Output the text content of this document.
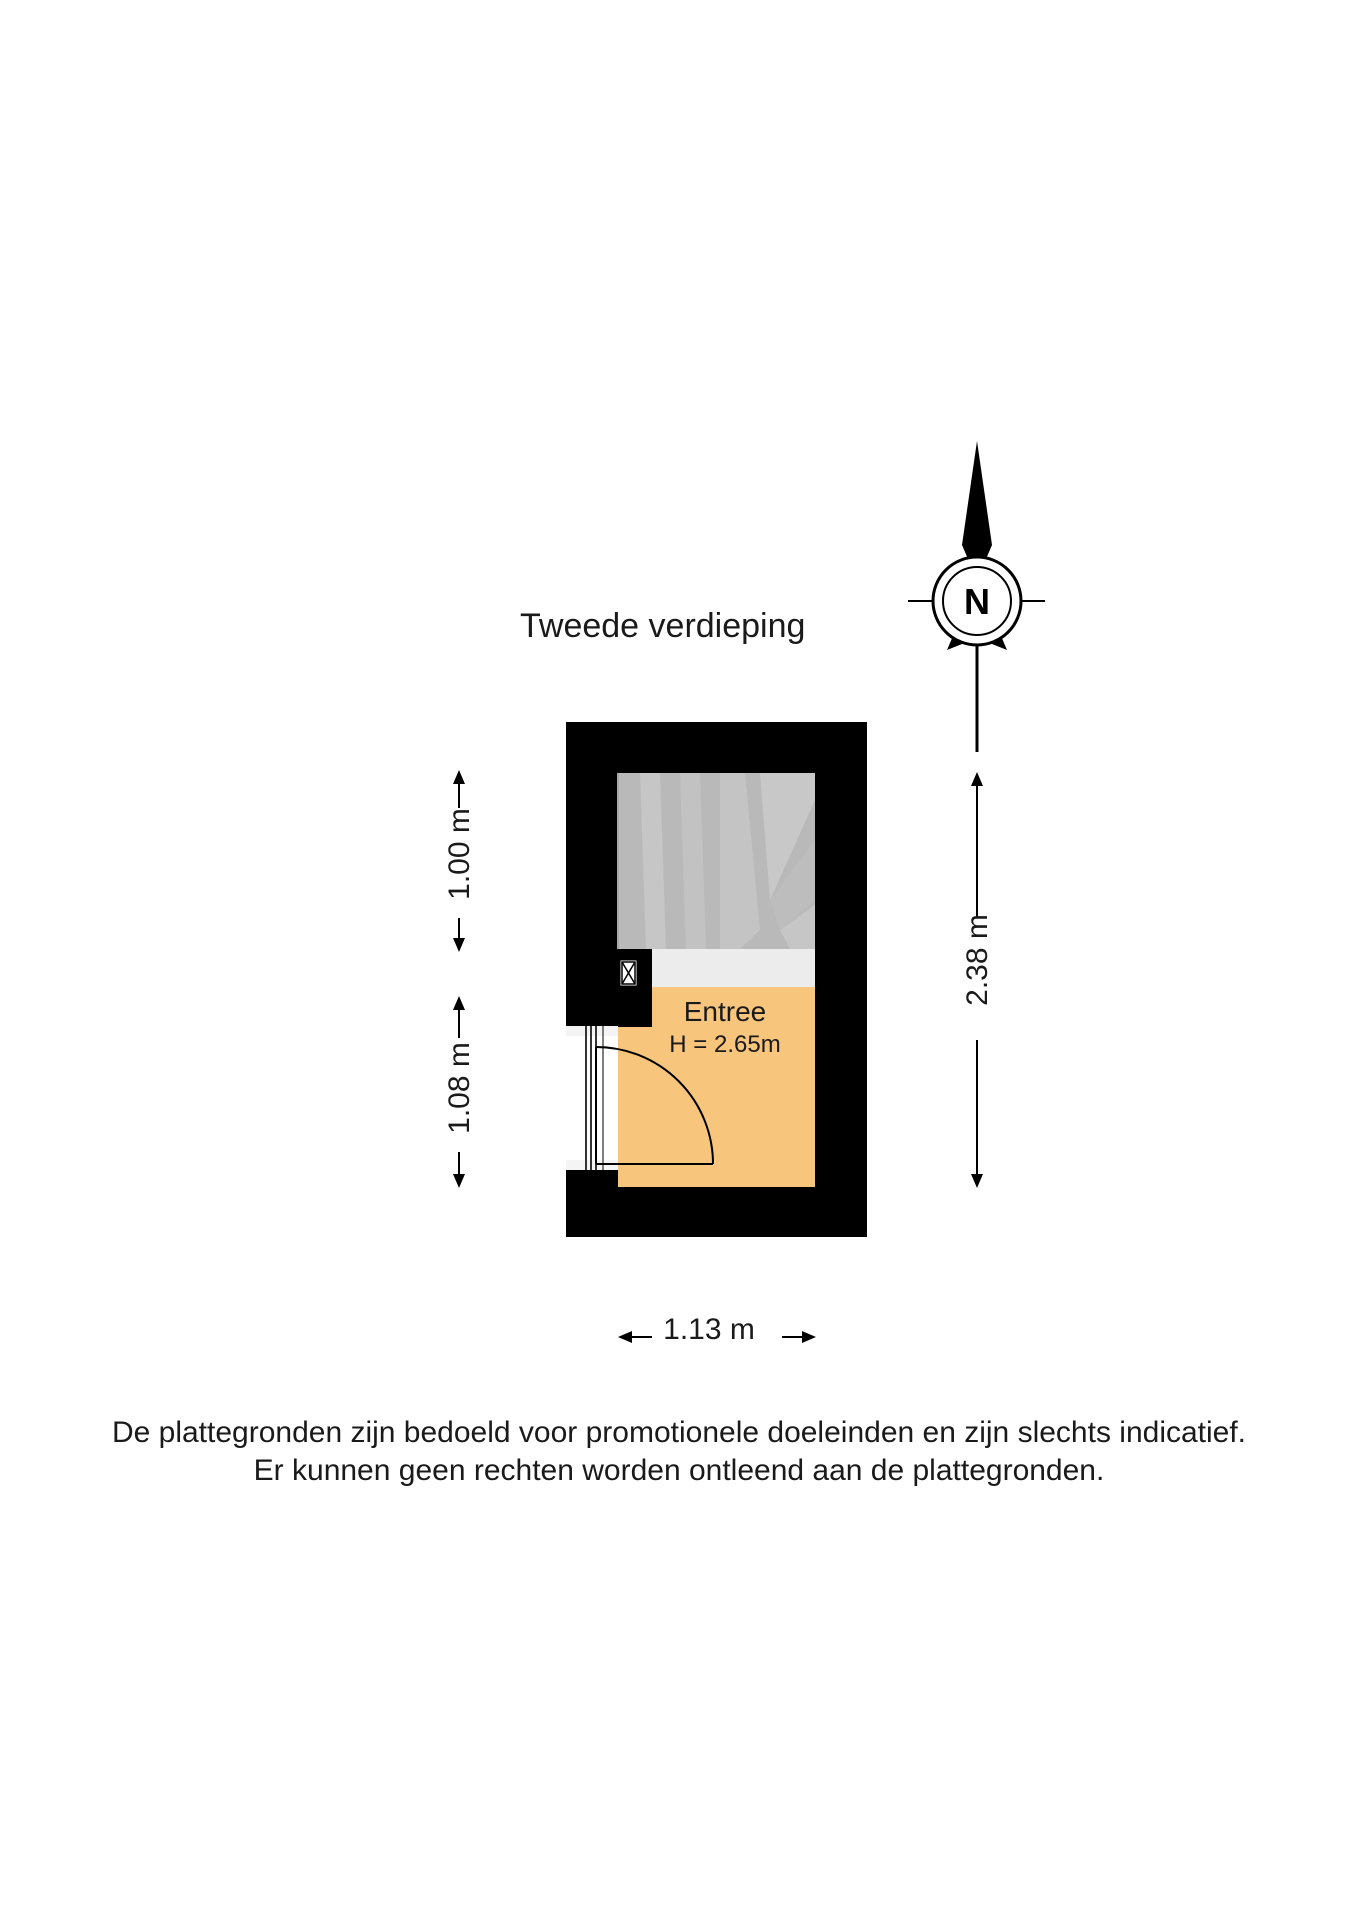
N
Tweede verdieping
Entree
H = 2.65m
1.00 m
1.08 m
2.38 m
1.13 m
De plattegronden zijn bedoeld voor promotionele doeleinden en zijn slechts indicatief.
Er kunnen geen rechten worden ontleend aan de plattegronden.
